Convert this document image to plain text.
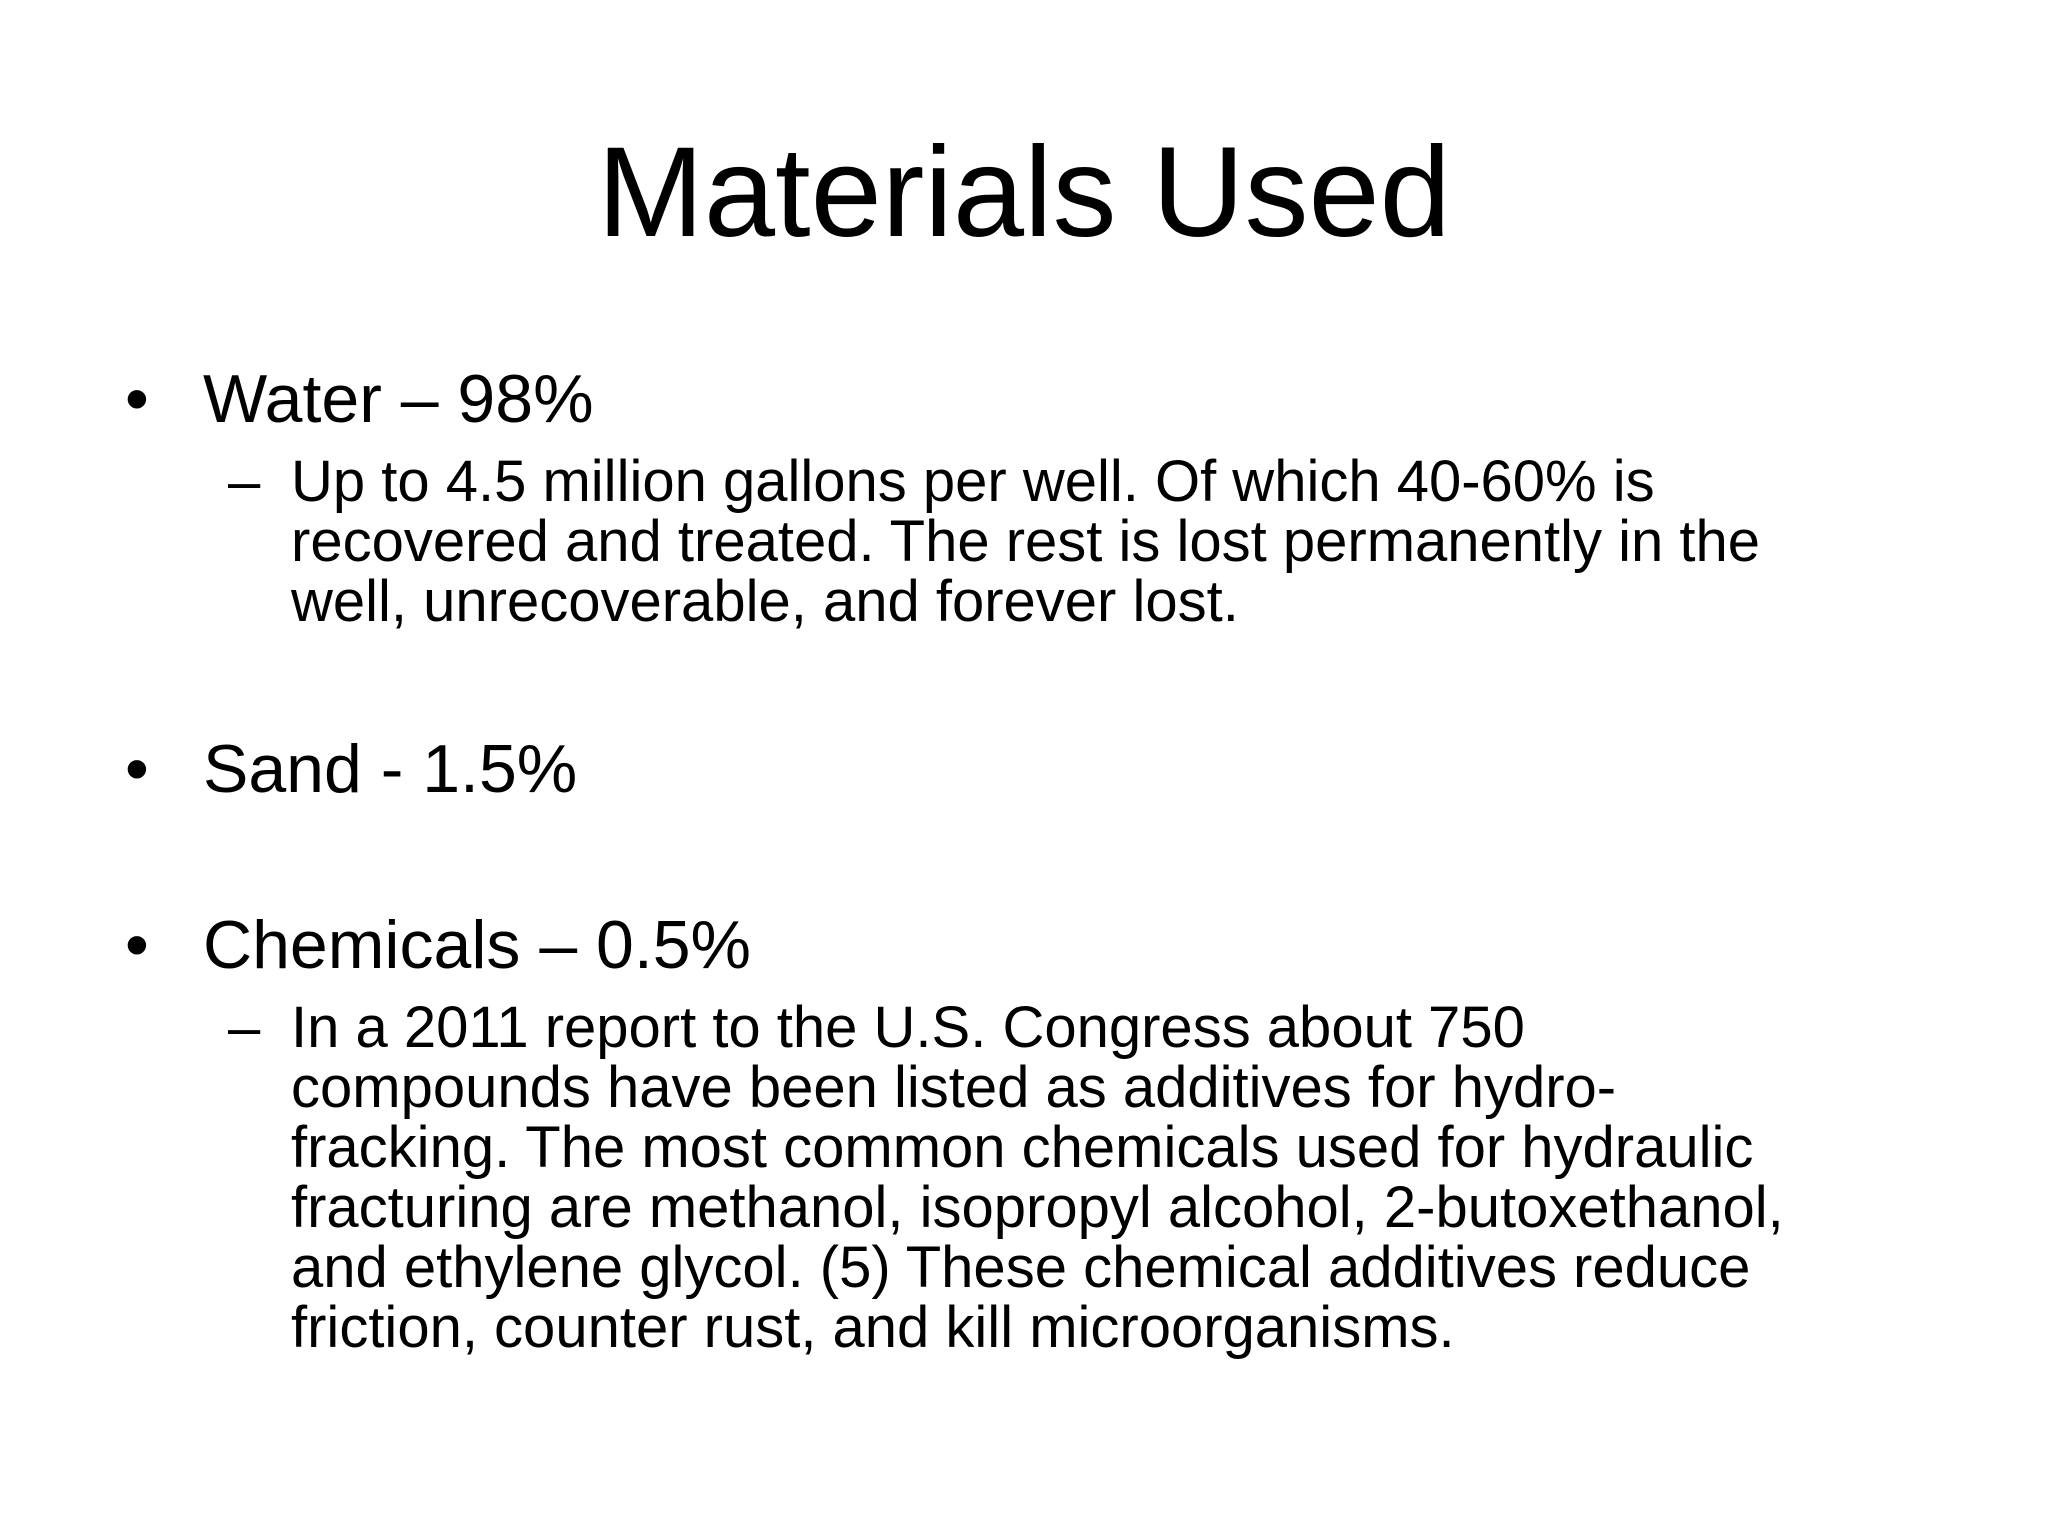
Materials Used
• Water – 98%
– Up to 4.5 million gallons per well. Of which 40-60% is
recovered and treated. The rest is lost permanently in the
well, unrecoverable, and forever lost.
• Sand - 1.5%
• Chemicals – 0.5%
– In a 2011 report to the U.S. Congress about 750
compounds have been listed as additives for hydro-
fracking. The most common chemicals used for hydraulic
fracturing are methanol, isopropyl alcohol, 2-butoxethanol,
and ethylene glycol. (5) These chemical additives reduce
friction, counter rust, and kill microorganisms.
